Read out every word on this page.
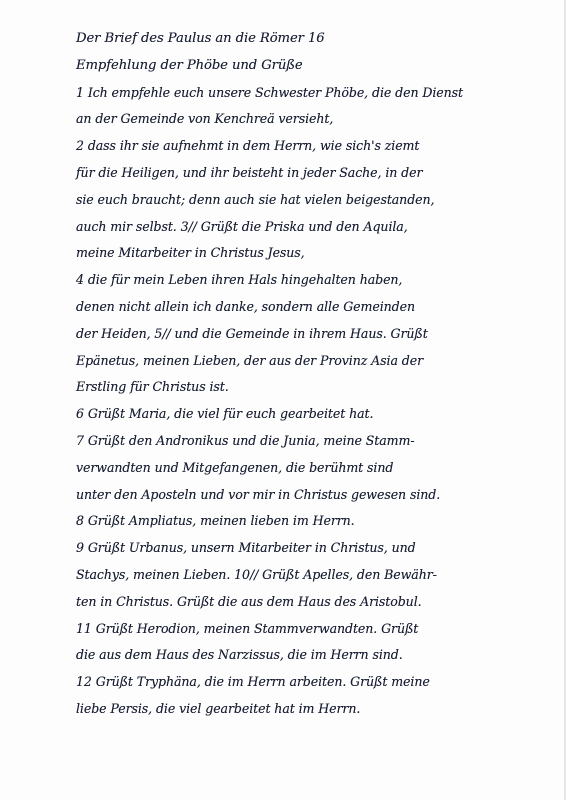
Der Brief des Paulus an die Römer 16
Empfehlung der Phöbe und Grüße
1 Ich empfehle euch unsere Schwester Phöbe, die den Dienst
an der Gemeinde von Kenchreä versieht,
2 dass ihr sie aufnehmt in dem Herrn, wie sich's ziemt
für die Heiligen, und ihr beisteht in jeder Sache, in der
sie euch braucht; denn auch sie hat vielen beigestanden,
auch mir selbst. 3// Grüßt die Priska und den Aquila,
meine Mitarbeiter in Christus Jesus,
4 die für mein Leben ihren Hals hingehalten haben,
denen nicht allein ich danke, sondern alle Gemeinden
der Heiden, 5// und die Gemeinde in ihrem Haus. Grüßt
Epänetus, meinen Lieben, der aus der Provinz Asia der
Erstling für Christus ist.
6 Grüßt Maria, die viel für euch gearbeitet hat.
7 Grüßt den Andronikus und die Junia, meine Stamm-
verwandten und Mitgefangenen, die berühmt sind
unter den Aposteln und vor mir in Christus gewesen sind.
8 Grüßt Ampliatus, meinen lieben im Herrn.
9 Grüßt Urbanus, unsern Mitarbeiter in Christus, und
Stachys, meinen Lieben. 10// Grüßt Apelles, den Bewähr-
ten in Christus. Grüßt die aus dem Haus des Aristobul.
11 Grüßt Herodion, meinen Stammverwandten. Grüßt
die aus dem Haus des Narzissus, die im Herrn sind.
12 Grüßt Tryphäna, die im Herrn arbeiten. Grüßt meine
liebe Persis, die viel gearbeitet hat im Herrn.
